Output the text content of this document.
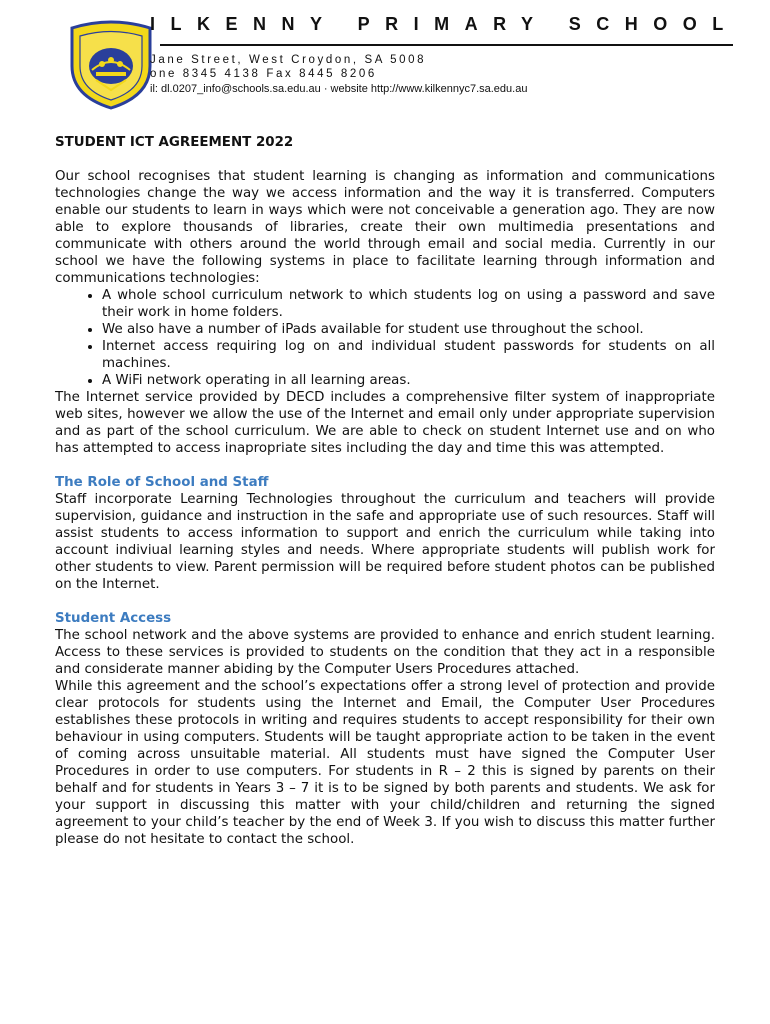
ILKENNY PRIMARY SCHOOL
Jane Street, West Croydon, SA 5008
one 8345 4138 Fax 8445 8206
il: dl.0207_info@schools.sa.edu.au · website http://www.kilkennyc7.sa.edu.au
STUDENT ICT AGREEMENT 2022

Our school recognises that student learning is changing as information and communications technologies change the way we access information and the way it is transferred. Computers enable our students to learn in ways which were not conceivable a generation ago. They are now able to explore thousands of libraries, create their own multimedia presentations and communicate with others around the world through email and social media. Currently in our school we have the following systems in place to facilitate learning through information and communications technologies:

• A whole school curriculum network to which students log on using a password and save their work in home folders.
• We also have a number of iPads available for student use throughout the school.
• Internet access requiring log on and individual student passwords for students on all machines.
• A WiFi network operating in all learning areas.

The Internet service provided by DECD includes a comprehensive filter system of inappropriate web sites, however we allow the use of the Internet and email only under appropriate supervision and as part of the school curriculum. We are able to check on student Internet use and on who has attempted to access inapropriate sites including the day and time this was attempted.

The Role of School and Staff

Staff incorporate Learning Technologies throughout the curriculum and teachers will provide supervision, guidance and instruction in the safe and appropriate use of such resources. Staff will assist students to access information to support and enrich the curriculum while taking into account indiviual learning styles and needs. Where appropriate students will publish work for other students to view. Parent permission will be required before student photos can be published on the Internet.

Student Access

The school network and the above systems are provided to enhance and enrich student learning. Access to these services is provided to students on the condition that they act in a responsible and considerate manner abiding by the Computer Users Procedures attached.

While this agreement and the school’s expectations offer a strong level of protection and provide clear protocols for students using the Internet and Email, the Computer User Procedures establishes these protocols in writing and requires students to accept responsibility for their own behaviour in using computers. Students will be taught appropriate action to be taken in the event of coming across unsuitable material. All students must have signed the Computer User Procedures in order to use computers. For students in R – 2 this is signed by parents on their behalf and for students in Years 3 – 7 it is to be signed by both parents and students. We ask for your support in discussing this matter with your child/children and returning the signed agreement to your child’s teacher by the end of Week 3. If you wish to discuss this matter further please do not hesitate to contact the school.
